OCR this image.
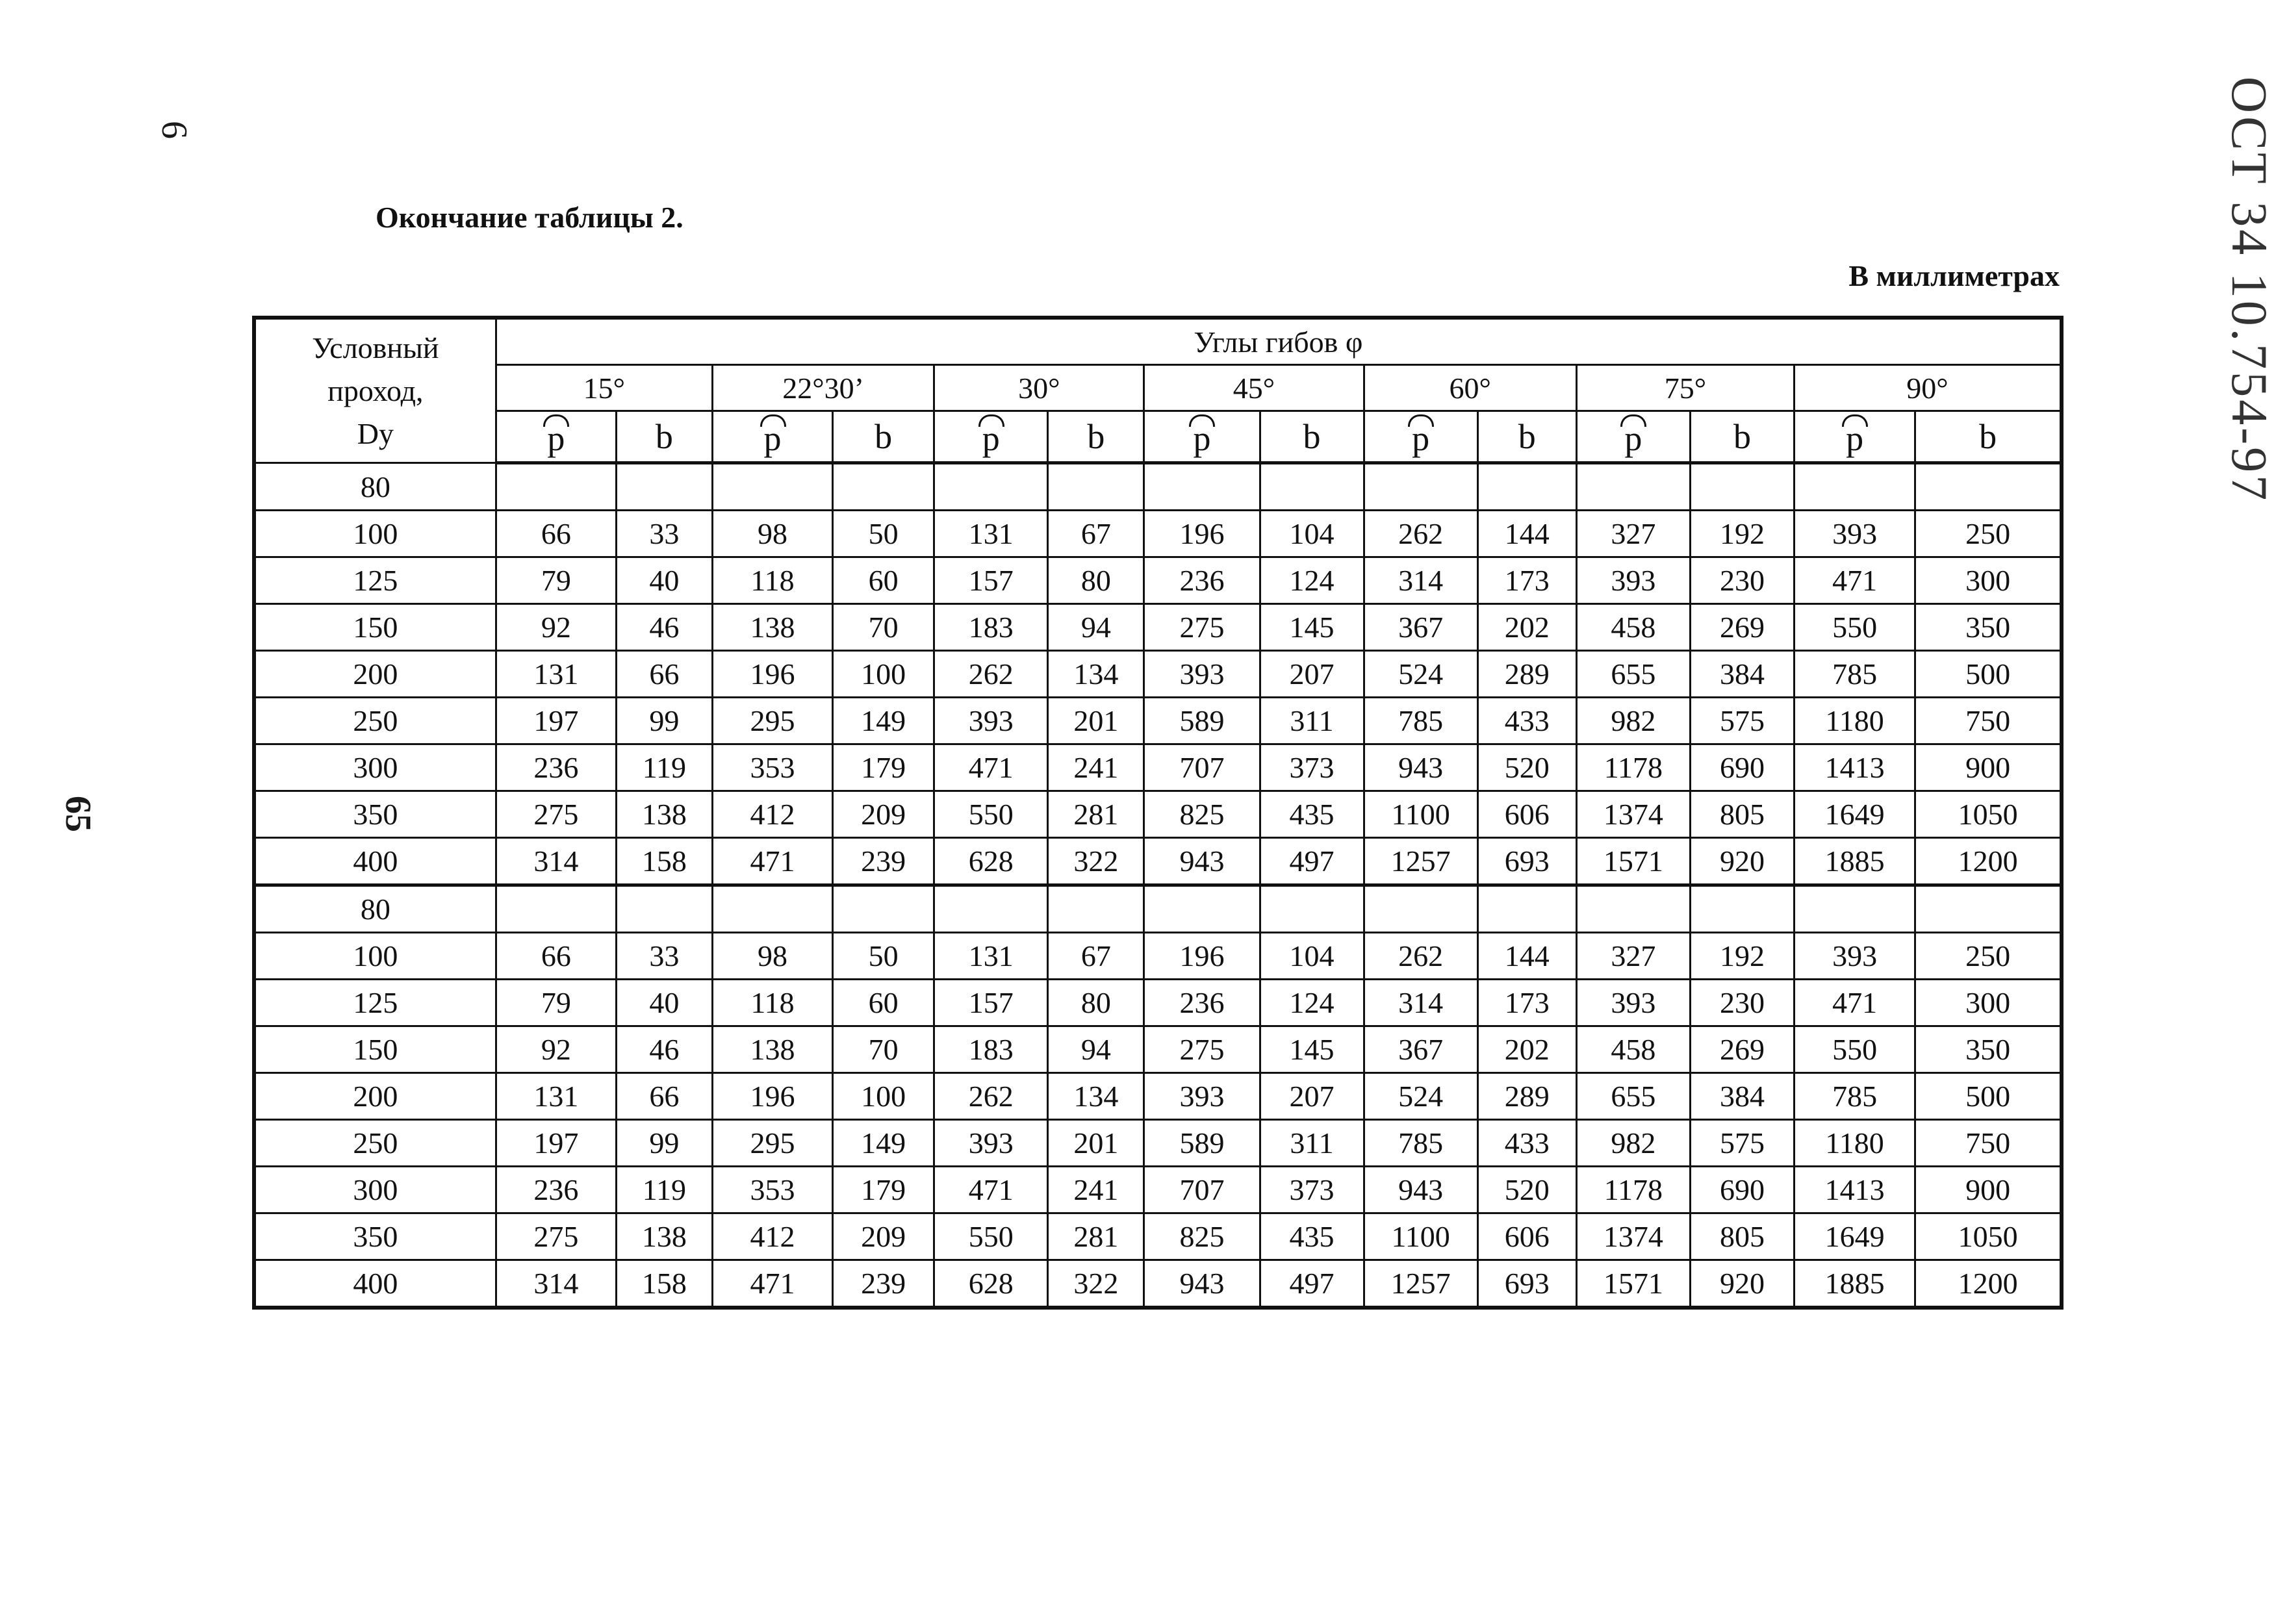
6
65
ОСТ 34 10.754-97
Окончание таблицы 2.
В миллиметрах
Условный
проход,
Dy	Углы гибов φ													
	15°		22°30’		30°		45°		60°		75°		90°	

р	b	р	b	р	b	р	b	р	b	р	b	р	b
80														
100	66	33	98	50	131	67	196	104	262	144	327	192	393	250
125	79	40	118	60	157	80	236	124	314	173	393	230	471	300
150	92	46	138	70	183	94	275	145	367	202	458	269	550	350
200	131	66	196	100	262	134	393	207	524	289	655	384	785	500
250	197	99	295	149	393	201	589	311	785	433	982	575	1180	750
300	236	119	353	179	471	241	707	373	943	520	1178	690	1413	900
350	275	138	412	209	550	281	825	435	1100	606	1374	805	1649	1050
400	314	158	471	239	628	322	943	497	1257	693	1571	920	1885	1200
80														
100	66	33	98	50	131	67	196	104	262	144	327	192	393	250
125	79	40	118	60	157	80	236	124	314	173	393	230	471	300
150	92	46	138	70	183	94	275	145	367	202	458	269	550	350
200	131	66	196	100	262	134	393	207	524	289	655	384	785	500
250	197	99	295	149	393	201	589	311	785	433	982	575	1180	750
300	236	119	353	179	471	241	707	373	943	520	1178	690	1413	900
350	275	138	412	209	550	281	825	435	1100	606	1374	805	1649	1050
400	314	158	471	239	628	322	943	497	1257	693	1571	920	1885	1200
